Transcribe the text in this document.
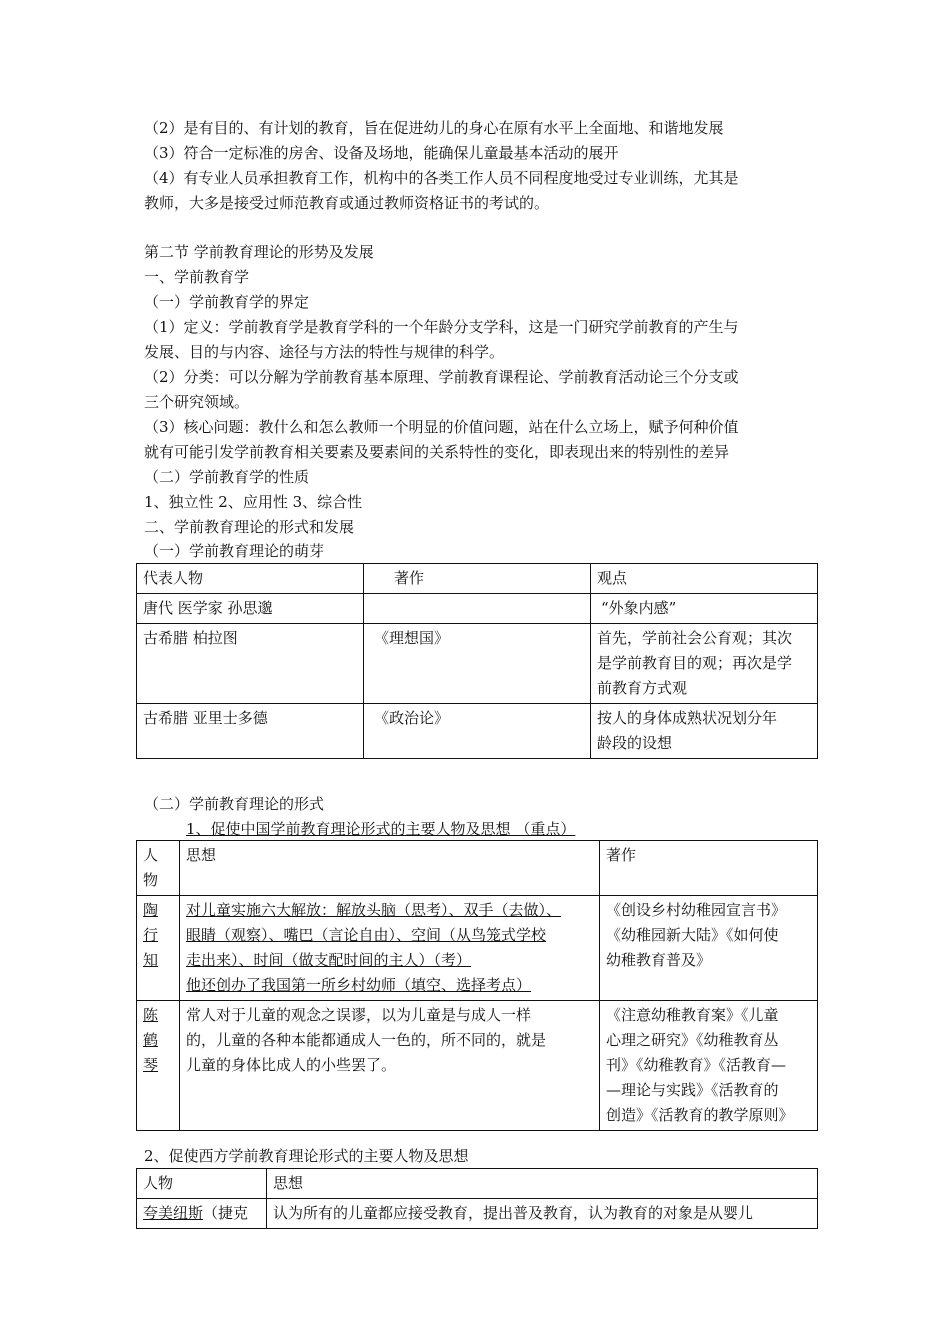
（2）是有目的、有计划的教育，旨在促进幼儿的身心在原有水平上全面地、和谐地发展
（3）符合一定标准的房舍、设备及场地，能确保儿童最基本活动的展开
（4）有专业人员承担教育工作，机构中的各类工作人员不同程度地受过专业训练，尤其是
教师，大多是接受过师范教育或通过教师资格证书的考试的。
第二节 学前教育理论的形势及发展
一、学前教育学
（一）学前教育学的界定
（1）定义：学前教育学是教育学科的一个年龄分支学科，这是一门研究学前教育的产生与
发展、目的与内容、途径与方法的特性与规律的科学。
（2）分类：可以分解为学前教育基本原理、学前教育课程论、学前教育活动论三个分支或
三个研究领域。
（3）核心问题：教什么和怎么教师一个明显的价值问题，站在什么立场上，赋予何种价值
就有可能引发学前教育相关要素及要素间的关系特性的变化，即表现出来的特别性的差异
（二）学前教育学的性质
1、独立性 2、应用性 3、综合性
二、学前教育理论的形式和发展
（一）学前教育理论的萌芽
代表人物	著作	观点
唐代 医学家 孙思邈		“外象内感”
古希腊 柏拉图	《理想国》	首先，学前社会公育观；其次
是学前教育目的观；再次是学
前教育方式观
古希腊 亚里士多德	《政治论》	按人的身体成熟状况划分年
龄段的设想
（二）学前教育理论的形式
1、促使中国学前教育理论形式的主要人物及思想 （重点）
人
物	思想	著作
陶
行
知	对儿童实施六大解放：解放头脑（思考）、双手（去做）、
眼睛（观察）、嘴巴（言论自由）、空间（从鸟笼式学校
走出来）、时间（做支配时间的主人）（考）
他还创办了我国第一所乡村幼师（填空、选择考点）	《创设乡村幼稚园宣言书》
《幼稚园新大陆》《如何使
幼稚教育普及》
陈
鹤
琴	常人对于儿童的观念之误谬，以为儿童是与成人一样
的，儿童的各种本能都通成人一色的，所不同的，就是
儿童的身体比成人的小些罢了。	《注意幼稚教育案》《儿童
心理之研究》《幼稚教育丛
刊》《幼稚教育》《活教育—
—理论与实践》《活教育的
创造》《活教育的教学原则》
2、促使西方学前教育理论形式的主要人物及思想
人物	思想
夸美纽斯（捷克	认为所有的儿童都应接受教育，提出普及教育，认为教育的对象是从婴儿
